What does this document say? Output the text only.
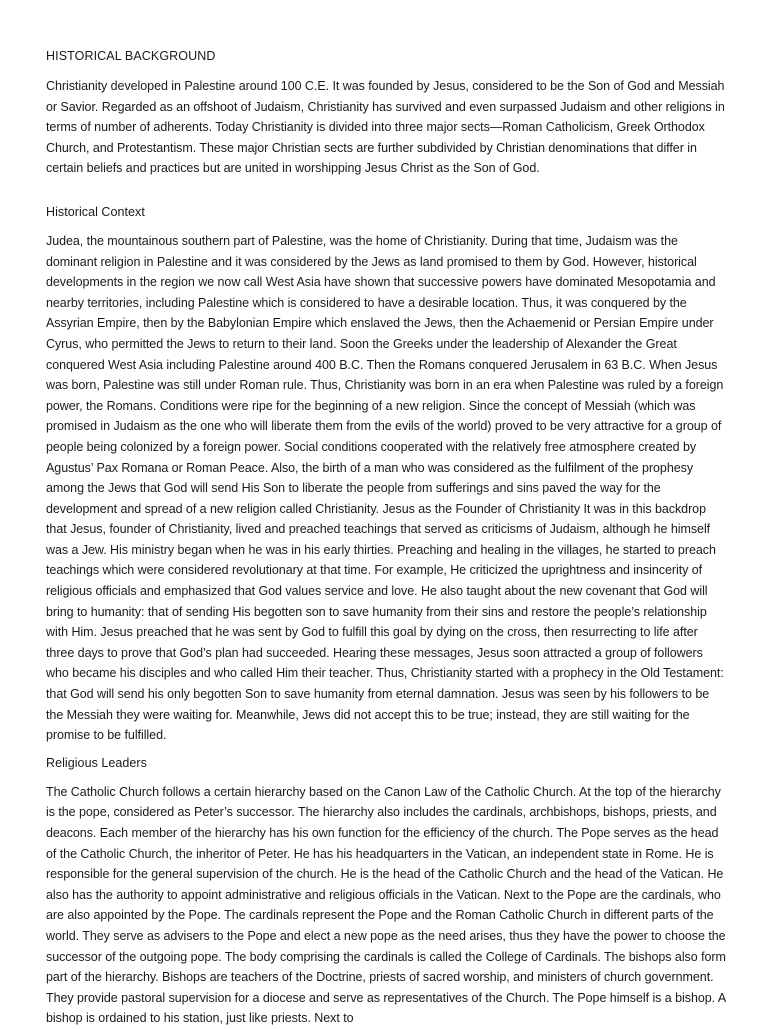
HISTORICAL BACKGROUND

Christianity developed in Palestine around 100 C.E. It was founded by Jesus, considered to be the Son of God and Messiah or Savior. Regarded as an offshoot of Judaism, Christianity has survived and even surpassed Judaism and other religions in terms of number of adherents. Today Christianity is divided into three major sects—Roman Catholicism, Greek Orthodox Church, and Protestantism. These major Christian sects are further subdivided by Christian denominations that differ in certain beliefs and practices but are united in worshipping Jesus Christ as the Son of God.

Historical Context

Judea, the mountainous southern part of Palestine, was the home of Christianity. During that time, Judaism was the dominant religion in Palestine and it was considered by the Jews as land promised to them by God. However, historical developments in the region we now call West Asia have shown that successive powers have dominated Mesopotamia and nearby territories, including Palestine which is considered to have a desirable location. Thus, it was conquered by the Assyrian Empire, then by the Babylonian Empire which enslaved the Jews, then the Achaemenid or Persian Empire under Cyrus, who permitted the Jews to return to their land. Soon the Greeks under the leadership of Alexander the Great conquered West Asia including Palestine around 400 B.C. Then the Romans conquered Jerusalem in 63 B.C. When Jesus was born, Palestine was still under Roman rule. Thus, Christianity was born in an era when Palestine was ruled by a foreign power, the Romans. Conditions were ripe for the beginning of a new religion. Since the concept of Messiah (which was promised in Judaism as the one who will liberate them from the evils of the world) proved to be very attractive for a group of people being colonized by a foreign power. Social conditions cooperated with the relatively free atmosphere created by Agustus’ Pax Romana or Roman Peace. Also, the birth of a man who was considered as the fulfilment of the prophesy among the Jews that God will send His Son to liberate the people from sufferings and sins paved the way for the development and spread of a new religion called Christianity. Jesus as the Founder of Christianity It was in this backdrop that Jesus, founder of Christianity, lived and preached teachings that served as criticisms of Judaism, although he himself was a Jew. His ministry began when he was in his early thirties. Preaching and healing in the villages, he started to preach teachings which were considered revolutionary at that time. For example, He criticized the uprightness and insincerity of religious officials and emphasized that God values service and love. He also taught about the new covenant that God will bring to humanity: that of sending His begotten son to save humanity from their sins and restore the people’s relationship with Him. Jesus preached that he was sent by God to fulfill this goal by dying on the cross, then resurrecting to life after three days to prove that God’s plan had succeeded. Hearing these messages, Jesus soon attracted a group of followers who became his disciples and who called Him their teacher. Thus, Christianity started with a prophecy in the Old Testament: that God will send his only begotten Son to save humanity from eternal damnation. Jesus was seen by his followers to be the Messiah they were waiting for. Meanwhile, Jews did not accept this to be true; instead, they are still waiting for the promise to be fulfilled.

Religious Leaders

The Catholic Church follows a certain hierarchy based on the Canon Law of the Catholic Church. At the top of the hierarchy is the pope, considered as Peter’s successor. The hierarchy also includes the cardinals, archbishops, bishops, priests, and deacons. Each member of the hierarchy has his own function for the efficiency of the church. The Pope serves as the head of the Catholic Church, the inheritor of Peter. He has his headquarters in the Vatican, an independent state in Rome. He is responsible for the general supervision of the church. He is the head of the Catholic Church and the head of the Vatican. He also has the authority to appoint administrative and religious officials in the Vatican. Next to the Pope are the cardinals, who are also appointed by the Pope. The cardinals represent the Pope and the Roman Catholic Church in different parts of the world. They serve as advisers to the Pope and elect a new pope as the need arises, thus they have the power to choose the successor of the outgoing pope. The body comprising the cardinals is called the College of Cardinals. The bishops also form part of the hierarchy. Bishops are teachers of the Doctrine, priests of sacred worship, and ministers of church government. They provide pastoral supervision for a diocese and serve as representatives of the Church. The Pope himself is a bishop. A bishop is ordained to his station, just like priests. Next to
